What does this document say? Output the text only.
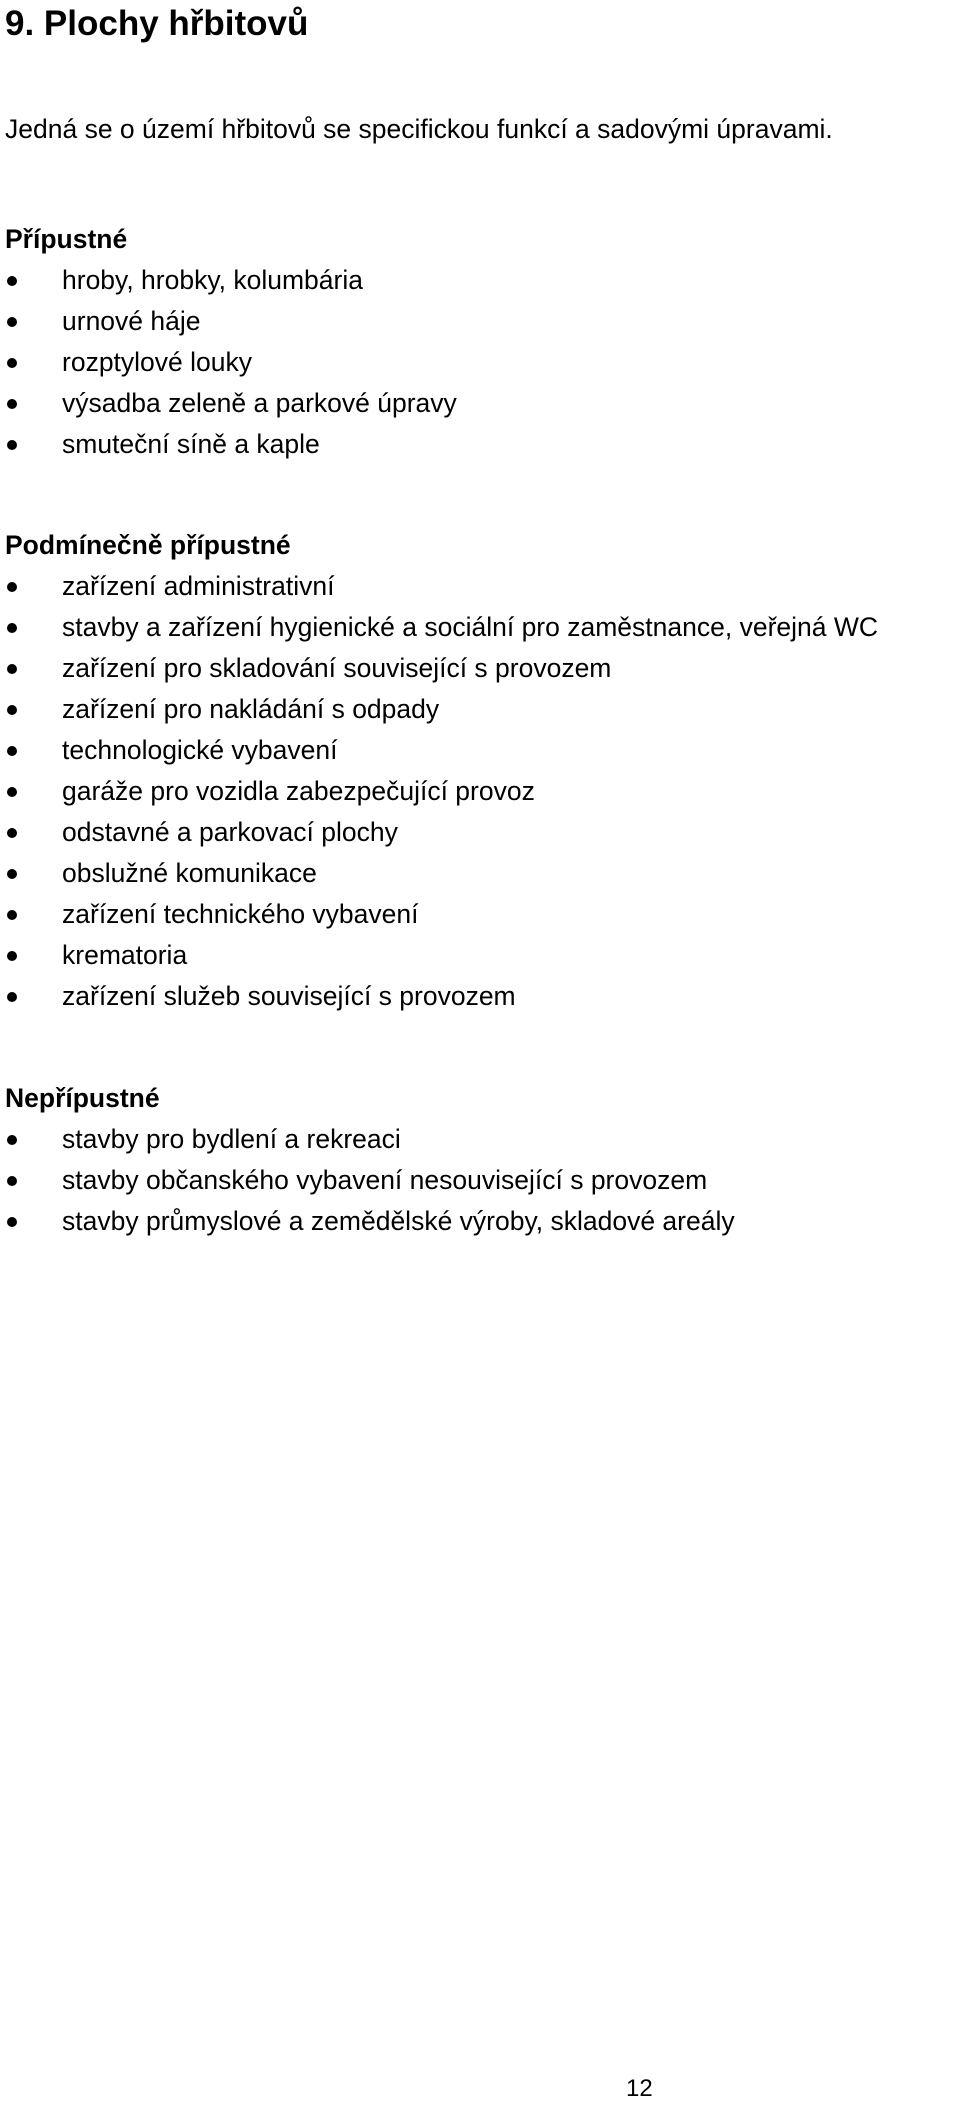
9. Plochy hřbitovů

Jedná se o území hřbitovů se specifickou funkcí a sadovými úpravami.

Přípustné
hroby, hrobky, kolumbária
urnové háje
rozptylové louky
výsadba zeleně a parkové úpravy
smuteční síně a kaple
Podmínečně přípustné
zařízení administrativní
stavby a zařízení hygienické a sociální pro zaměstnance, veřejná WC
zařízení pro skladování související s provozem
zařízení pro nakládání s odpady
technologické vybavení
garáže pro vozidla zabezpečující provoz
odstavné a parkovací plochy
obslužné komunikace
zařízení technického vybavení
krematoria
zařízení služeb související s provozem
Nepřípustné
stavby pro bydlení a rekreaci
stavby občanského vybavení nesouvisející s provozem
stavby průmyslové a zemědělské výroby, skladové areály
12
